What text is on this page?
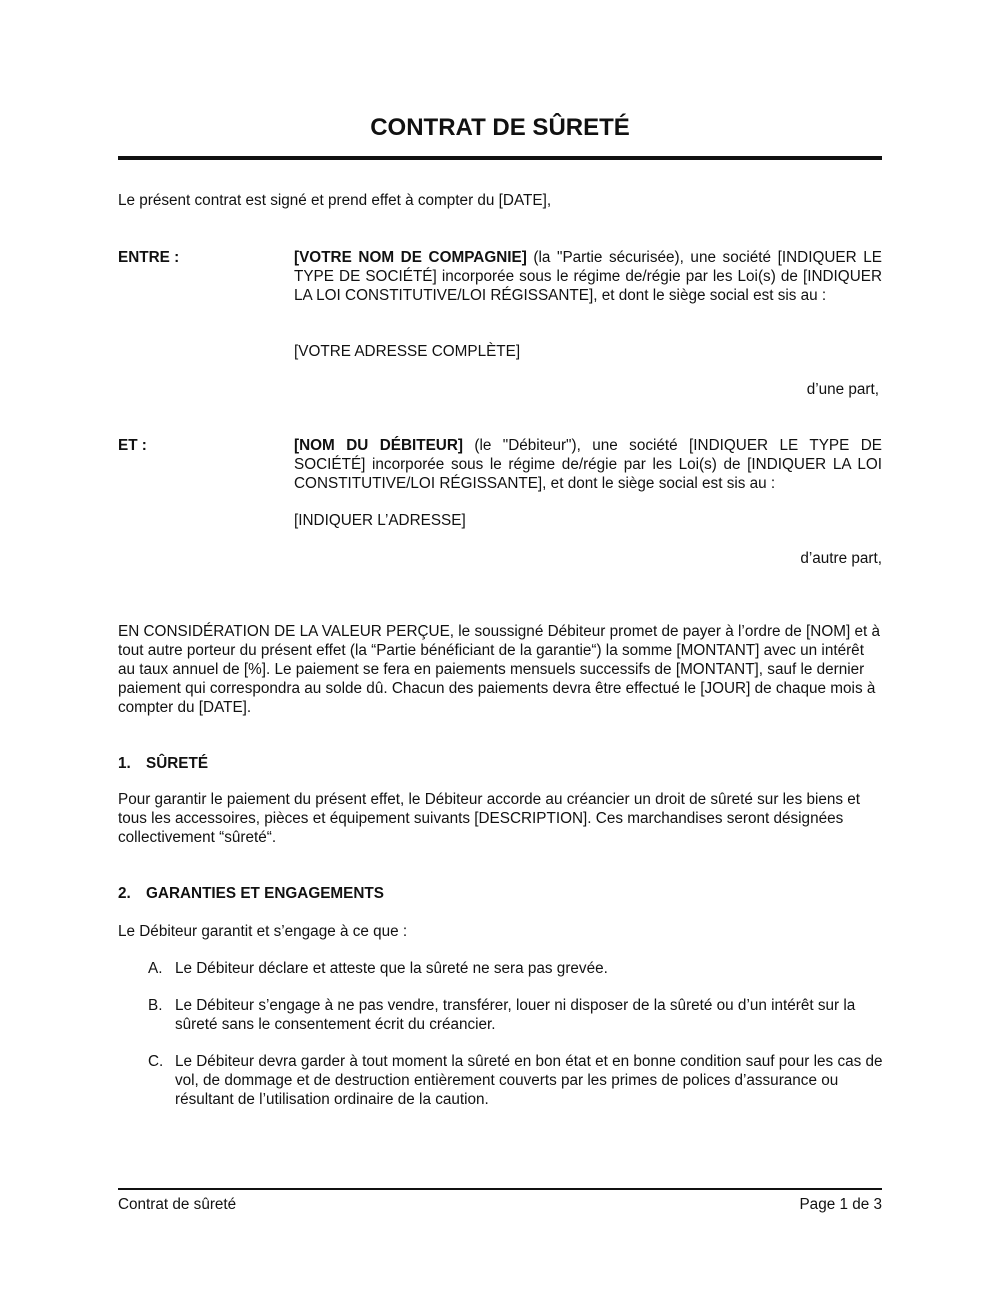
CONTRAT DE SÛRETÉ
Le présent contrat est signé et prend effet à compter du [DATE],
ENTRE :	[VOTRE NOM DE COMPAGNIE] (la "Partie sécurisée), une société [INDIQUER LE TYPE DE SOCIÉTÉ] incorporée sous le régime de/régie par les Loi(s) de [INDIQUER LA LOI CONSTITUTIVE/LOI RÉGISSANTE], et dont le siège social est sis au :
[VOTRE ADRESSE COMPLÈTE]
d’une part,
ET :	[NOM DU DÉBITEUR] (le "Débiteur"), une société [INDIQUER LE TYPE DE SOCIÉTÉ] incorporée sous le régime de/régie par les Loi(s) de [INDIQUER LA LOI CONSTITUTIVE/LOI RÉGISSANTE], et dont le siège social est sis au :
[INDIQUER L’ADRESSE]
d’autre part,
EN CONSIDÉRATION DE LA VALEUR PERÇUE, le soussigné Débiteur promet de payer à l’ordre de [NOM] et à tout autre porteur du présent effet (la “Partie bénéficiant de la garantie“) la somme [MONTANT] avec un intérêt au taux annuel de [%]. Le paiement se fera en paiements mensuels successifs de [MONTANT], sauf le dernier paiement qui correspondra au solde dû. Chacun des paiements devra être effectué le [JOUR] de chaque mois à compter du [DATE].
1. SÛRETÉ
Pour garantir le paiement du présent effet, le Débiteur accorde au créancier un droit de sûreté sur les biens et tous les accessoires, pièces et équipement suivants [DESCRIPTION]. Ces marchandises seront désignées collectivement “sûreté“.
2. GARANTIES ET ENGAGEMENTS
Le Débiteur garantit et s’engage à ce que :
A. Le Débiteur déclare et atteste que la sûreté ne sera pas grevée.
B. Le Débiteur s’engage à ne pas vendre, transférer, louer ni disposer de la sûreté ou d’un intérêt sur la sûreté sans le consentement écrit du créancier.
C. Le Débiteur devra garder à tout moment la sûreté en bon état et en bonne condition sauf pour les cas de vol, de dommage et de destruction entièrement couverts par les primes de polices d’assurance ou résultant de l’utilisation ordinaire de la caution.
Contrat de sûreté	Page 1 de 3
